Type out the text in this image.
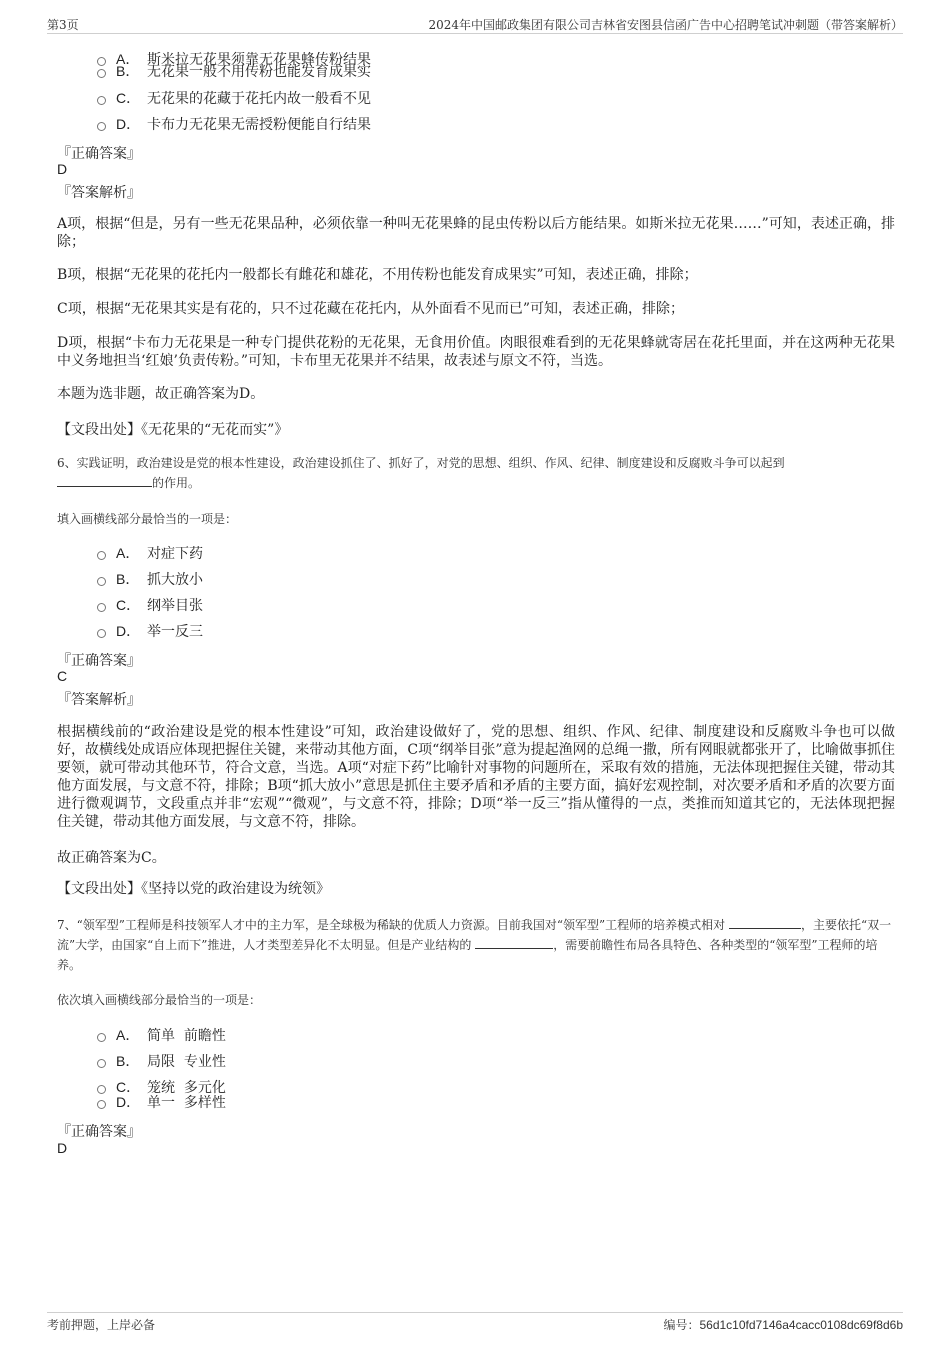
第3页	2024年中国邮政集团有限公司吉林省安图县信函广告中心招聘笔试冲刺题（带答案解析）
A． 斯米拉无花果须靠无花果蜂传粉结果
B． 无花果一般不用传粉也能发育成果实
C． 无花果的花藏于花托内故一般看不见
D． 卡布力无花果无需授粉便能自行结果
『正确答案』
D
『答案解析』
A项，根据“但是，另有一些无花果品种，必须依靠一种叫无花果蜂的昆虫传粉以后方能结果。如斯米拉无花果……”可知，表述正确，排除；
B项，根据“无花果的花托内一般都长有雌花和雄花，不用传粉也能发育成果实”可知，表述正确，排除；
C项，根据“无花果其实是有花的，只不过花藏在花托内，从外面看不见而已”可知，表述正确，排除；
D项，根据“卡布力无花果是一种专门提供花粉的无花果，无食用价值。肉眼很难看到的无花果蜂就寄居在花托里面，并在这两种无花果中义务地担当‘红娘’负责传粉。”可知，卡布里无花果并不结果，故表述与原文不符，当选。
本题为选非题，故正确答案为D。
【文段出处】《无花果的“无花而实”》
6、实践证明，政治建设是党的根本性建设，政治建设抓住了、抓好了，对党的思想、组织、作风、纪律、制度建设和反腐败斗争可以起到
的作用。
填入画横线部分最恰当的一项是：
A． 对症下药
B． 抓大放小
C． 纲举目张
D． 举一反三
『正确答案』
C
『答案解析』
根据横线前的“政治建设是党的根本性建设”可知，政治建设做好了，党的思想、组织、作风、纪律、制度建设和反腐败斗争也可以做好，故横线处成语应体现把握住关键，来带动其他方面，C项“纲举目张”意为提起渔网的总绳一撒，所有网眼就都张开了，比喻做事抓住要领，就可带动其他环节，符合文意，当选。A项“对症下药”比喻针对事物的问题所在，采取有效的措施，无法体现把握住关键，带动其他方面发展，与文意不符，排除；B项“抓大放小”意思是抓住主要矛盾和矛盾的主要方面，搞好宏观控制，对次要矛盾和矛盾的次要方面进行微观调节，文段重点并非“宏观”“微观”，与文意不符，排除；D项“举一反三”指从懂得的一点，类推而知道其它的，无法体现把握住关键，带动其他方面发展，与文意不符，排除。
故正确答案为C。
【文段出处】《坚持以党的政治建设为统领》
7、“领军型”工程师是科技领军人才中的主力军，是全球极为稀缺的优质人力资源。目前我国对“领军型”工程师的培养模式相对	，主要依托“双一流”大学，由国家“自上而下”推进，人才类型差异化不太明显。但是产业结构的	，需要前瞻性布局各具特色、各种类型的“领军型”工程师的培养。
依次填入画横线部分最恰当的一项是：
A． 简单  前瞻性
B． 局限  专业性
C． 笼统  多元化
D． 单一  多样性
『正确答案』
D
考前押题，上岸必备	编号：56d1c10fd7146a4cacc0108dc69f8d6b
